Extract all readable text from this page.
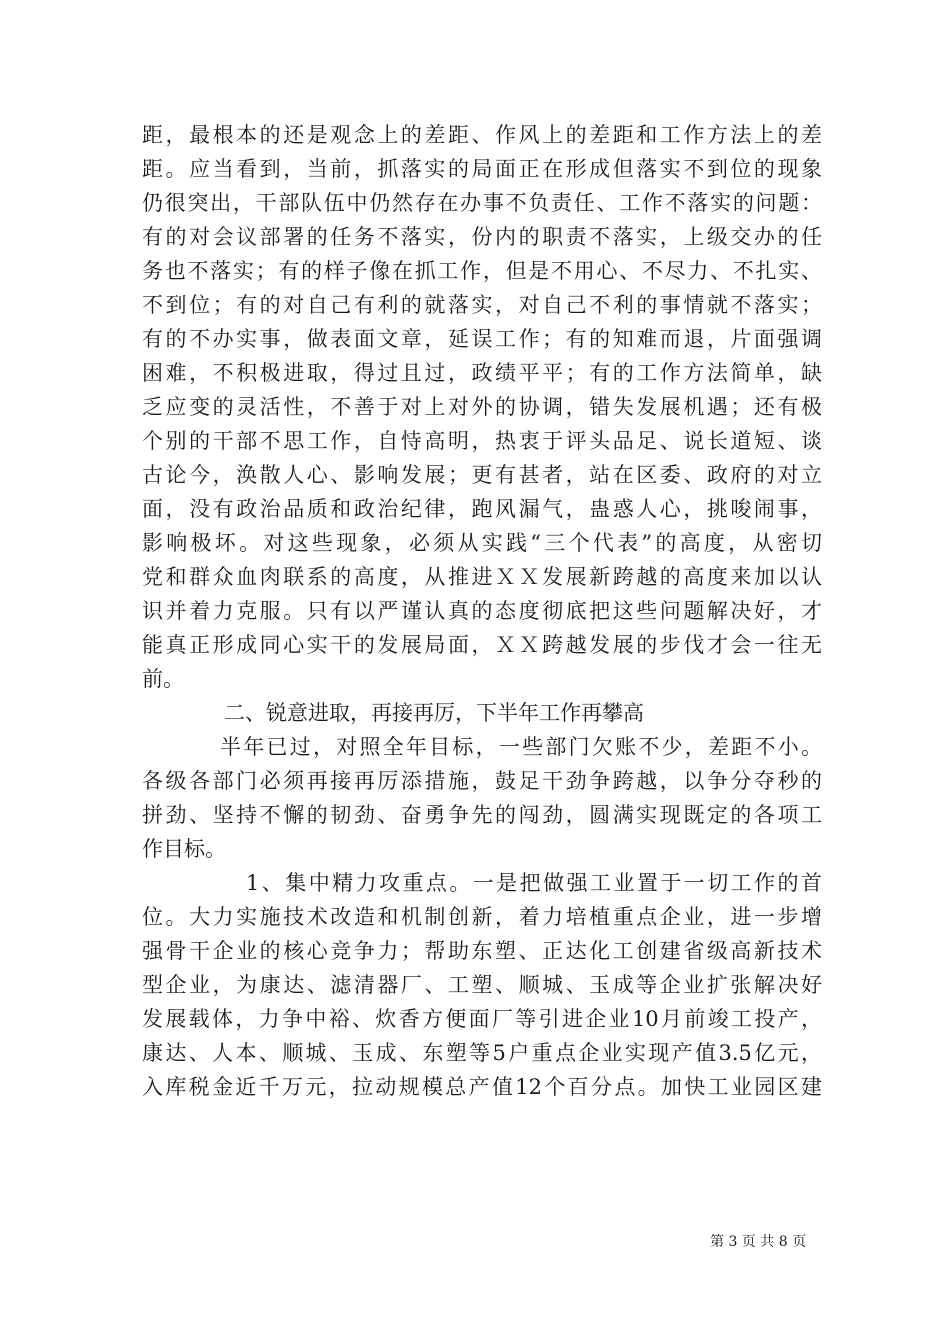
距，最根本的还是观念上的差距、作风上的差距和工作方法上的差
距。应当看到，当前，抓落实的局面正在形成但落实不到位的现象
仍很突出，干部队伍中仍然存在办事不负责任、工作不落实的问题：
有的对会议部署的任务不落实，份内的职责不落实，上级交办的任
务也不落实；有的样子像在抓工作，但是不用心、不尽力、不扎实、
不到位；有的对自己有利的就落实，对自己不利的事情就不落实；
有的不办实事，做表面文章，延误工作；有的知难而退，片面强调
困难，不积极进取，得过且过，政绩平平；有的工作方法简单，缺
乏应变的灵活性，不善于对上对外的协调，错失发展机遇；还有极
个别的干部不思工作，自恃高明，热衷于评头品足、说长道短、谈
古论今，涣散人心、影响发展；更有甚者，站在区委、政府的对立
面，没有政治品质和政治纪律，跑风漏气，蛊惑人心，挑唆闹事，
影响极坏。对这些现象，必须从实践“三个代表”的高度，从密切
党和群众血肉联系的高度，从推进ＸＸ发展新跨越的高度来加以认
识并着力克服。只有以严谨认真的态度彻底把这些问题解决好，才
能真正形成同心实干的发展局面，ＸＸ跨越发展的步伐才会一往无
前。
二、锐意进取，再接再厉，下半年工作再攀高
半年已过，对照全年目标，一些部门欠账不少，差距不小。
各级各部门必须再接再厉添措施，鼓足干劲争跨越，以争分夺秒的
拼劲、坚持不懈的韧劲、奋勇争先的闯劲，圆满实现既定的各项工
作目标。
1、集中精力攻重点。一是把做强工业置于一切工作的首
位。大力实施技术改造和机制创新，着力培植重点企业，进一步增
强骨干企业的核心竞争力；帮助东塑、正达化工创建省级高新技术
型企业，为康达、滤清器厂、工塑、顺城、玉成等企业扩张解决好
发展载体，力争中裕、炊香方便面厂等引进企业10月前竣工投产，
康达、人本、顺城、玉成、东塑等5户重点企业实现产值3.5亿元，
入库税金近千万元，拉动规模总产值12个百分点。加快工业园区建
第 3 页 共 8 页
